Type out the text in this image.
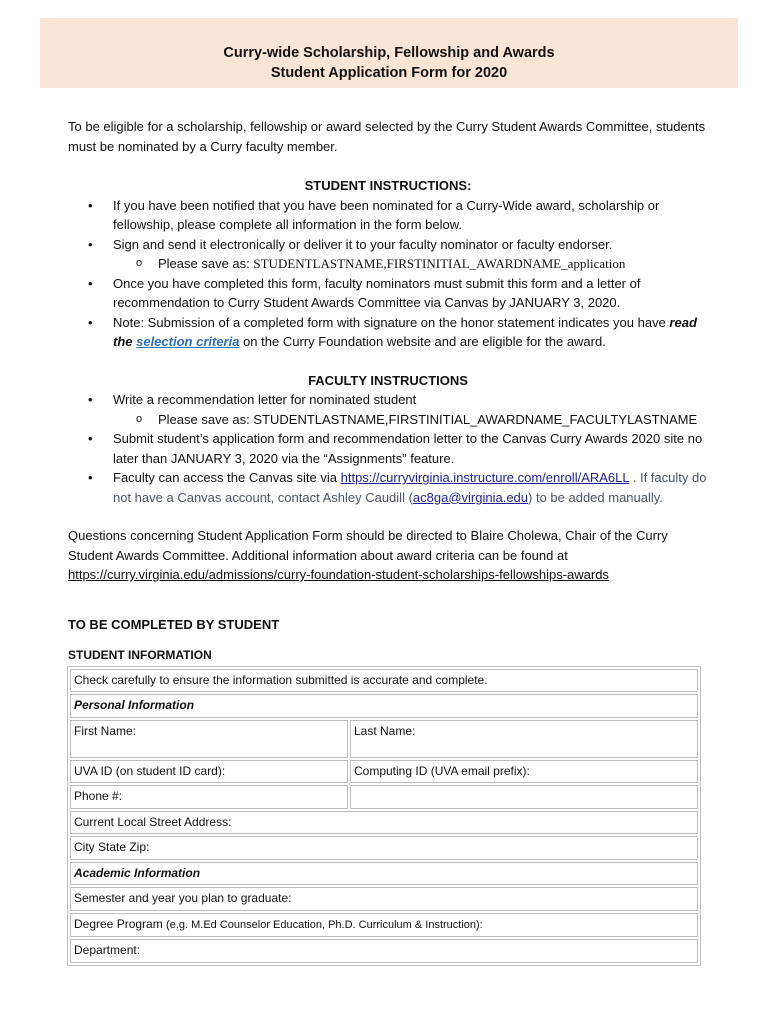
Curry-wide Scholarship, Fellowship and Awards
Student Application Form for 2020

To be eligible for a scholarship, fellowship or award selected by the Curry Student Awards Committee, students must be nominated by a Curry faculty member.

STUDENT INSTRUCTIONS:

• If you have been notified that you have been nominated for a Curry-Wide award, scholarship or fellowship, please complete all information in the form below.
• Sign and send it electronically or deliver it to your faculty nominator or faculty endorser.
o Please save as: STUDENTLASTNAME,FIRSTINITIAL_AWARDNAME_application
• Once you have completed this form, faculty nominators must submit this form and a letter of recommendation to Curry Student Awards Committee via Canvas by JANUARY 3, 2020.
• Note: Submission of a completed form with signature on the honor statement indicates you have read the selection criteria on the Curry Foundation website and are eligible for the award.

FACULTY INSTRUCTIONS

• Write a recommendation letter for nominated student
o Please save as: STUDENTLASTNAME,FIRSTINITIAL_AWARDNAME_FACULTYLASTNAME
• Submit student’s application form and recommendation letter to the Canvas Curry Awards 2020 site no later than JANUARY 3, 2020 via the “Assignments” feature.
• Faculty can access the Canvas site via https://curryvirginia.instructure.com/enroll/ARA6LL . If faculty do not have a Canvas account, contact Ashley Caudill (ac8ga@virginia.edu) to be added manually.

Questions concerning Student Application Form should be directed to Blaire Cholewa, Chair of the Curry Student Awards Committee. Additional information about award criteria can be found at https://curry.virginia.edu/admissions/curry-foundation-student-scholarships-fellowships-awards

TO BE COMPLETED BY STUDENT

STUDENT INFORMATION

Check carefully to ensure the information submitted is accurate and complete.	
Personal Information	
First Name:	Last Name:
UVA ID (on student ID card):	Computing ID (UVA email prefix):
Phone #:	
Current Local Street Address:	
City State Zip:	
Academic Information	
Semester and year you plan to graduate:	
Degree Program (e.g. M.Ed Counselor Education, Ph.D. Curriculum & Instruction):	
Department:	
